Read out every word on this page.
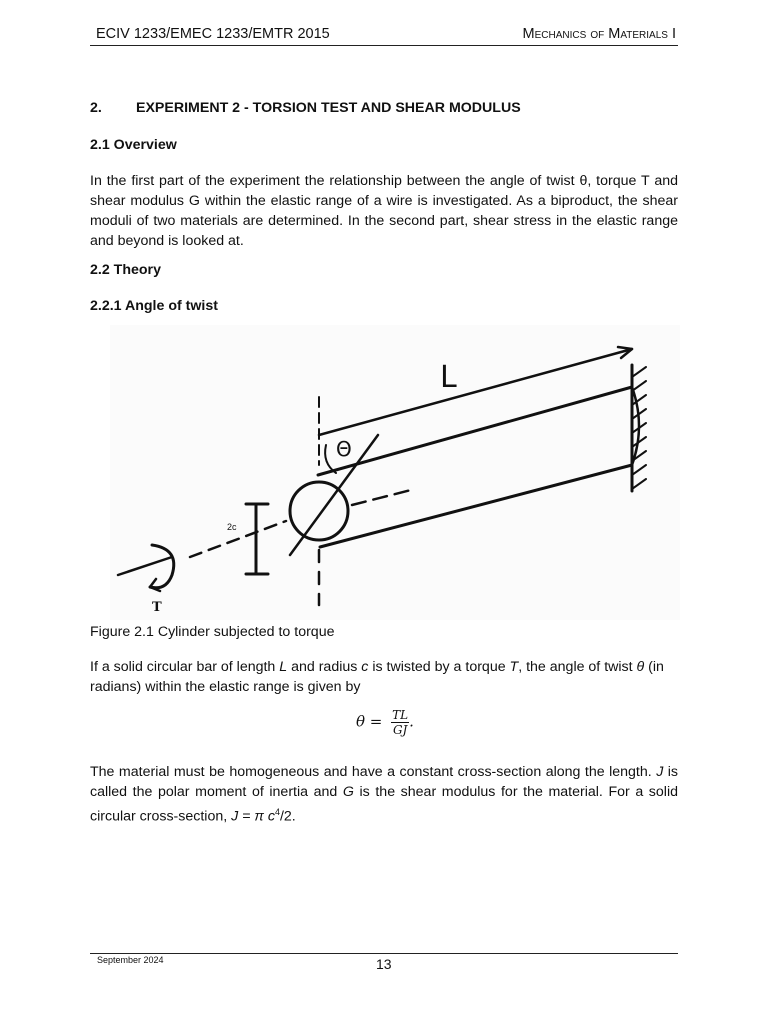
ECIV 1233/EMEC 1233/EMTR 2015	Mechanics of Materials I
2. EXPERIMENT 2 - TORSION TEST AND SHEAR MODULUS
2.1 Overview
In the first part of the experiment the relationship between the angle of twist θ, torque T and shear modulus G within the elastic range of a wire is investigated. As a biproduct, the shear moduli of two materials are determined. In the second part, shear stress in the elastic range and beyond is looked at.
2.2 Theory
2.2.1 Angle of twist
L
Θ
2c
T
Figure 2.1 Cylinder subjected to torque
If a solid circular bar of length L and radius c is twisted by a torque T, the angle of twist θ (in radians) within the elastic range is given by
$\theta = \frac{TL}{GJ}$ .
The material must be homogeneous and have a constant cross-section along the length. J is called the polar moment of inertia and G is the shear modulus for the material. For a solid circular cross-section, J = π $c^4/2$.
September 2024	13
